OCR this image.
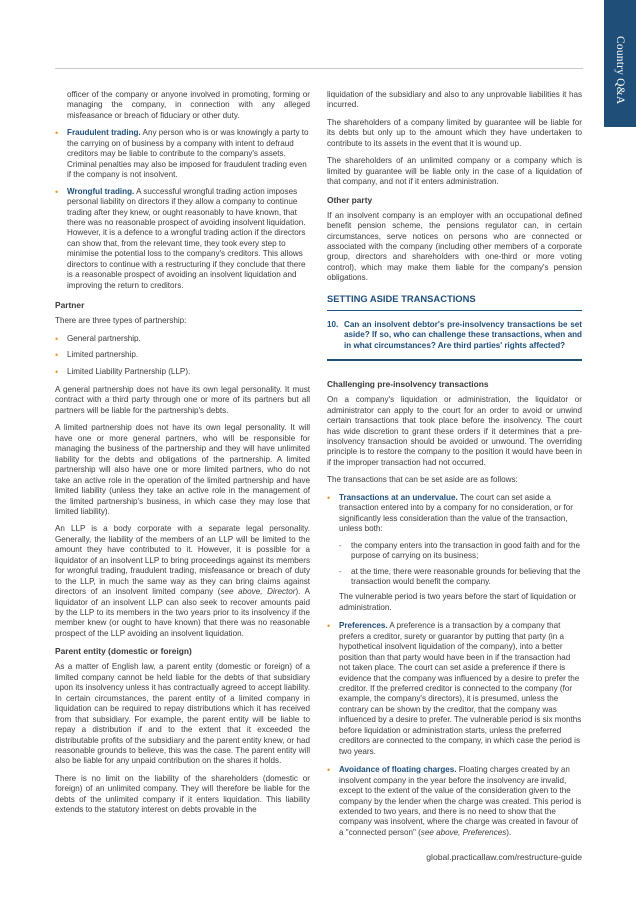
Country Q&A

officer of the company or anyone involved in promoting, forming or managing the company, in connection with any alleged misfeasance or breach of fiduciary or other duty.

• Fraudulent trading. Any person who is or was knowingly a party to the carrying on of business by a company with intent to defraud creditors may be liable to contribute to the company's assets. Criminal penalties may also be imposed for fraudulent trading even if the company is not insolvent.

• Wrongful trading. A successful wrongful trading action imposes personal liability on directors if they allow a company to continue trading after they knew, or ought reasonably to have known, that there was no reasonable prospect of avoiding insolvent liquidation. However, it is a defence to a wrongful trading action if the directors can show that, from the relevant time, they took every step to minimise the potential loss to the company's creditors. This allows directors to continue with a restructuring if they conclude that there is a reasonable prospect of avoiding an insolvent liquidation and improving the return to creditors.

Partner

There are three types of partnership:

• General partnership.

• Limited partnership.

• Limited Liability Partnership (LLP).

A general partnership does not have its own legal personality. It must contract with a third party through one or more of its partners but all partners will be liable for the partnership's debts.

A limited partnership does not have its own legal personality. It will have one or more general partners, who will be responsible for managing the business of the partnership and they will have unlimited liability for the debts and obligations of the partnership. A limited partnership will also have one or more limited partners, who do not take an active role in the operation of the limited partnership and have limited liability (unless they take an active role in the management of the limited partnership's business, in which case they may lose that limited liability).

An LLP is a body corporate with a separate legal personality. Generally, the liability of the members of an LLP will be limited to the amount they have contributed to it. However, it is possible for a liquidator of an insolvent LLP to bring proceedings against its members for wrongful trading, fraudulent trading, misfeasance or breach of duty to the LLP, in much the same way as they can bring claims against directors of an insolvent limited company (see above, Director). A liquidator of an insolvent LLP can also seek to recover amounts paid by the LLP to its members in the two years prior to its insolvency if the member knew (or ought to have known) that there was no reasonable prospect of the LLP avoiding an insolvent liquidation.

Parent entity (domestic or foreign)

As a matter of English law, a parent entity (domestic or foreign) of a limited company cannot be held liable for the debts of that subsidiary upon its insolvency unless it has contractually agreed to accept liability. In certain circumstances, the parent entity of a limited company in liquidation can be required to repay distributions which it has received from that subsidiary. For example, the parent entity will be liable to repay a distribution if and to the extent that it exceeded the distributable profits of the subsidiary and the parent entity knew, or had reasonable grounds to believe, this was the case. The parent entity will also be liable for any unpaid contribution on the shares it holds.

There is no limit on the liability of the shareholders (domestic or foreign) of an unlimited company. They will therefore be liable for the debts of the unlimited company if it enters liquidation. This liability extends to the statutory interest on debts provable in the

liquidation of the subsidiary and also to any unprovable liabilities it has incurred.

The shareholders of a company limited by guarantee will be liable for its debts but only up to the amount which they have undertaken to contribute to its assets in the event that it is wound up.

The shareholders of an unlimited company or a company which is limited by guarantee will be liable only in the case of a liquidation of that company, and not if it enters administration.

Other party

If an insolvent company is an employer with an occupational defined benefit pension scheme, the pensions regulator can, in certain circumstances, serve notices on persons who are connected or associated with the company (including other members of a corporate group, directors and shareholders with one-third or more voting control), which may make them liable for the company's pension obligations.

SETTING ASIDE TRANSACTIONS
10. Can an insolvent debtor's pre-insolvency transactions be set aside? If so, who can challenge these transactions, when and in what circumstances? Are third parties' rights affected?

Challenging pre-insolvency transactions

On a company's liquidation or administration, the liquidator or administrator can apply to the court for an order to avoid or unwind certain transactions that took place before the insolvency. The court has wide discretion to grant these orders if it determines that a pre-insolvency transaction should be avoided or unwound. The overriding principle is to restore the company to the position it would have been in if the improper transaction had not occurred.

The transactions that can be set aside are as follows:

• Transactions at an undervalue. The court can set aside a transaction entered into by a company for no consideration, or for significantly less consideration than the value of the transaction, unless both:

- the company enters into the transaction in good faith and for the purpose of carrying on its business;

- at the time, there were reasonable grounds for believing that the transaction would benefit the company.

The vulnerable period is two years before the start of liquidation or administration.

• Preferences. A preference is a transaction by a company that prefers a creditor, surety or guarantor by putting that party (in a hypothetical insolvent liquidation of the company), into a better position than that party would have been in if the transaction had not taken place. The court can set aside a preference if there is evidence that the company was influenced by a desire to prefer the creditor. If the preferred creditor is connected to the company (for example, the company's directors), it is presumed, unless the contrary can be shown by the creditor, that the company was influenced by a desire to prefer. The vulnerable period is six months before liquidation or administration starts, unless the preferred creditors are connected to the company, in which case the period is two years.

• Avoidance of floating charges. Floating charges created by an insolvent company in the year before the insolvency are invalid, except to the extent of the value of the consideration given to the company by the lender when the charge was created. This period is extended to two years, and there is no need to show that the company was insolvent, where the charge was created in favour of a "connected person" (see above, Preferences).

global.practicallaw.com/restructure-guide
